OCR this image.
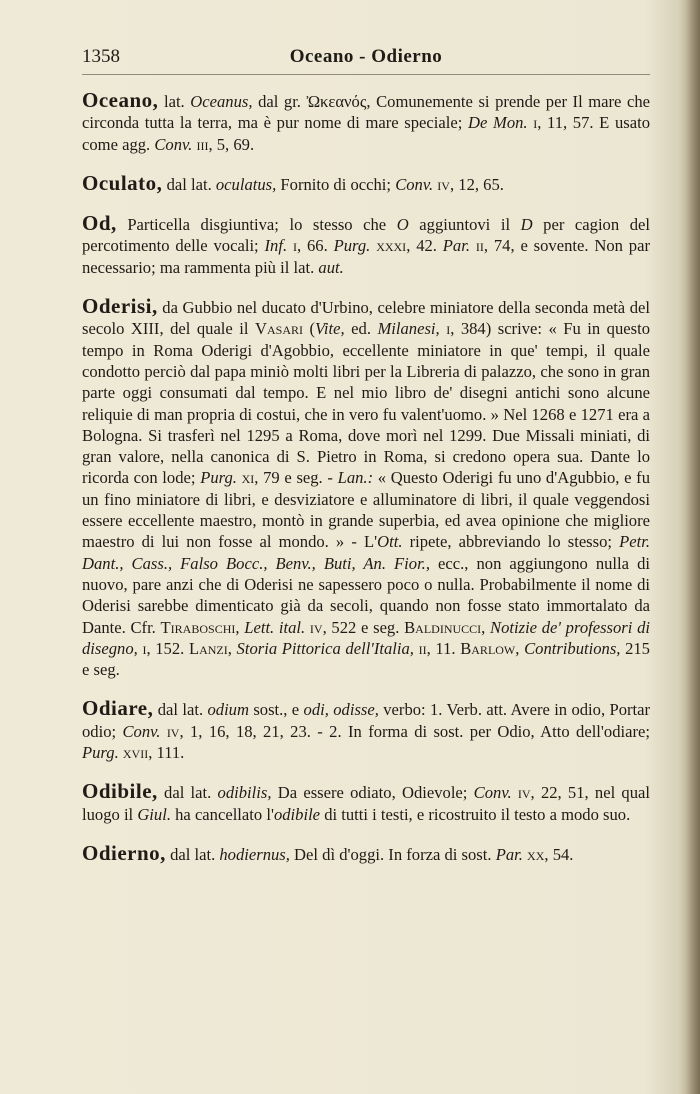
1358	Oceano - Odierno

Oceano, lat. Oceanus, dal gr. Ὠκεανός, Comunemente si prende per Il mare che circonda tutta la terra, ma è pur nome di mare speciale; De Mon. i, 11, 57. E usato come agg. Conv. iii, 5, 69.

Oculato, dal lat. oculatus, Fornito di occhi; Conv. iv, 12, 65.

Od, Particella disgiuntiva; lo stesso che O aggiuntovi il D per cagion del percotimento delle vocali; Inf. i, 66. Purg. xxxi, 42. Par. ii, 74, e sovente. Non par necessario; ma rammenta più il lat. aut.

Oderisi, da Gubbio nel ducato d'Urbino, celebre miniatore della seconda metà del secolo XIII, del quale il Vasari (Vite, ed. Milanesi, i, 384) scrive: « Fu in questo tempo in Roma Oderigi d'Agobbio, eccellente miniatore in que' tempi, il quale condotto perciò dal papa miniò molti libri per la Libreria di palazzo, che sono in gran parte oggi consumati dal tempo. E nel mio libro de' disegni antichi sono alcune reliquie di man propria di costui, che in vero fu valent'uomo. » Nel 1268 e 1271 era a Bologna. Si trasferì nel 1295 a Roma, dove morì nel 1299. Due Missali miniati, di gran valore, nella canonica di S. Pietro in Roma, si credono opera sua. Dante lo ricorda con lode; Purg. xi, 79 e seg. - Lan.: « Questo Oderigi fu uno d'Agubbio, e fu un fino miniatore di libri, e desviziatore e alluminatore di libri, il quale veggendosi essere eccellente maestro, montò in grande superbia, ed avea opinione che migliore maestro di lui non fosse al mondo. » - L'Ott. ripete, abbreviando lo stesso; Petr. Dant., Cass., Falso Bocc., Benv., Buti, An. Fior., ecc., non aggiungono nulla di nuovo, pare anzi che di Oderisi ne sapessero poco o nulla. Probabilmente il nome di Oderisi sarebbe dimenticato già da secoli, quando non fosse stato immortalato da Dante. Cfr. Tiraboschi, Lett. ital. iv, 522 e seg. Baldinucci, Notizie de' professori di disegno, i, 152. Lanzi, Storia Pittorica dell'Italia, ii, 11. Barlow, Contributions, 215 e seg.

Odiare, dal lat. odium sost., e odi, odisse, verbo: 1. Verb. att. Avere in odio, Portar odio; Conv. iv, 1, 16, 18, 21, 23. - 2. In forma di sost. per Odio, Atto dell'odiare; Purg. xvii, 111.

Odibile, dal lat. odibilis, Da essere odiato, Odievole; Conv. iv, 22, 51, nel qual luogo il Giul. ha cancellato l'odibile di tutti i testi, e ricostruito il testo a modo suo.

Odierno, dal lat. hodiernus, Del dì d'oggi. In forza di sost. Par. xx, 54.
